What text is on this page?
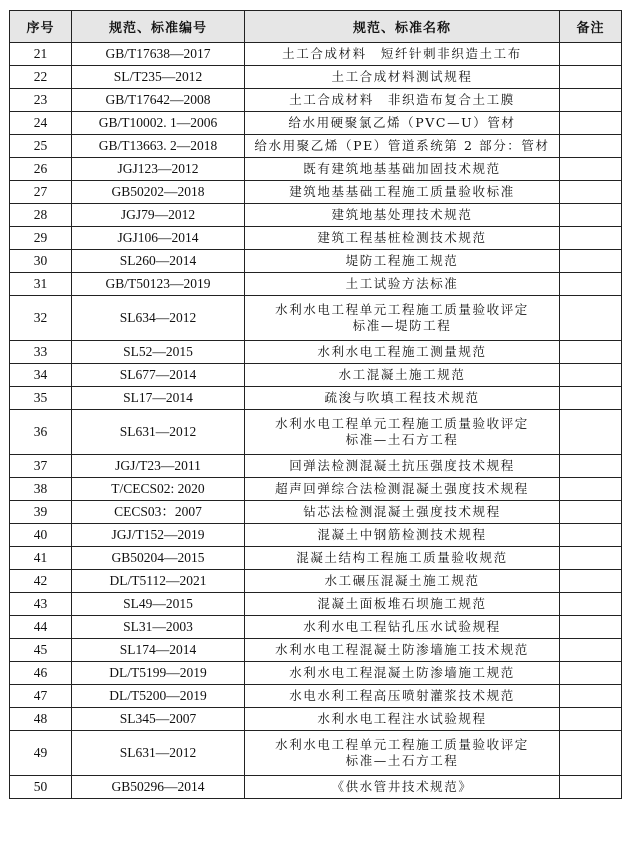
序号	规范、标准编号	规范、标准名称	备注
21	GB/T17638—2017	土工合成材料　短纤针刺非织造土工布	

22	SL/T235—2012	土工合成材料测试规程	

23	GB/T17642—2008	土工合成材料　非织造布复合土工膜	

24	GB/T10002. 1—2006	给水用硬聚氯乙烯（PVC—U）管材	

25	GB/T13663. 2—2018	给水用聚乙烯（PE）管道系统第 2 部分：管材	

26	JGJ123—2012	既有建筑地基基础加固技术规范	

27	GB50202—2018	建筑地基基础工程施工质量验收标准	

28	JGJ79—2012	建筑地基处理技术规范	

29	JGJ106—2014	建筑工程基桩检测技术规范	

30	SL260—2014	堤防工程施工规范	

31	GB/T50123—2019	土工试验方法标准	

32	SL634—2012	水利水电工程单元工程施工质量验收评定
标准—堤防工程	

33	SL52—2015	水利水电工程施工测量规范	

34	SL677—2014	水工混凝土施工规范	

35	SL17—2014	疏浚与吹填工程技术规范	

36	SL631—2012	水利水电工程单元工程施工质量验收评定
标准—土石方工程	

37	JGJ/T23—2011	回弹法检测混凝土抗压强度技术规程	

38	T/CECS02: 2020	超声回弹综合法检测混凝土强度技术规程	

39	CECS03：2007	钻芯法检测混凝土强度技术规程	

40	JGJ/T152—2019	混凝土中钢筋检测技术规程	

41	GB50204—2015	混凝土结构工程施工质量验收规范	

42	DL/T5112—2021	水工碾压混凝土施工规范	

43	SL49—2015	混凝土面板堆石坝施工规范	

44	SL31—2003	水利水电工程钻孔压水试验规程	

45	SL174—2014	水利水电工程混凝土防渗墙施工技术规范	

46	DL/T5199—2019	水利水电工程混凝土防渗墙施工规范	

47	DL/T5200—2019	水电水利工程高压喷射灌浆技术规范	

48	SL345—2007	水利水电工程注水试验规程	

49	SL631—2012	水利水电工程单元工程施工质量验收评定
标准—土石方工程	

50	GB50296—2014	《供水管井技术规范》	
